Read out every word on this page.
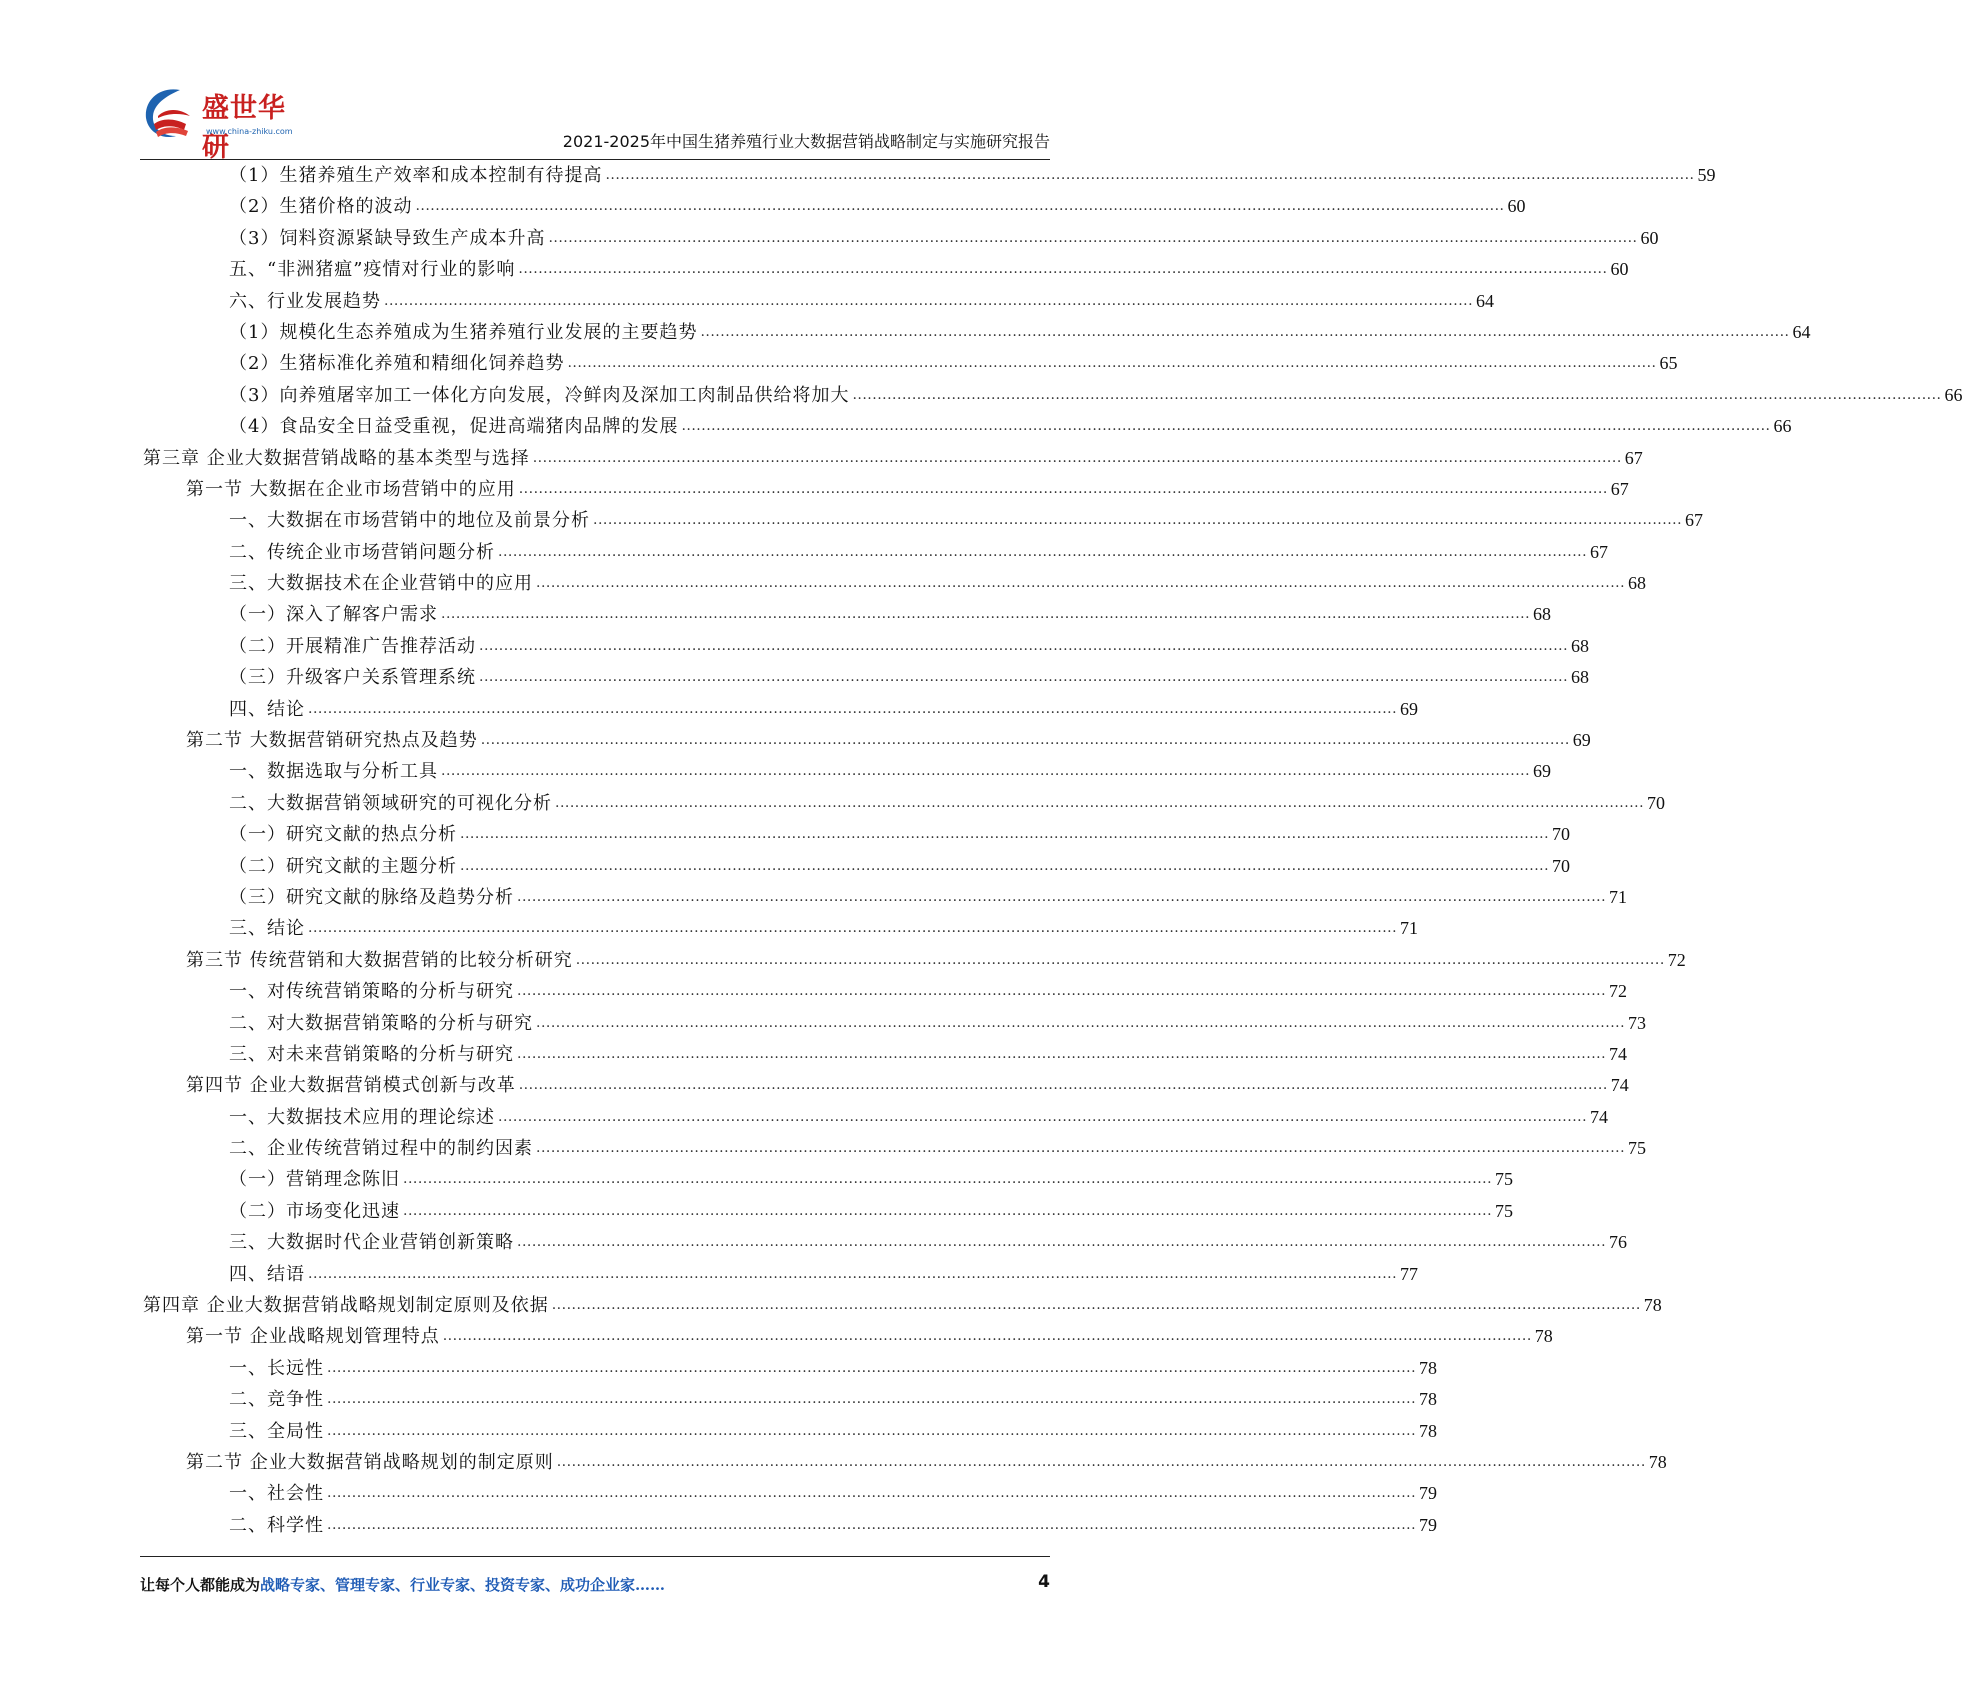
盛世华研
www.china-zhiku.com
2021-2025年中国生猪养殖行业大数据营销战略制定与实施研究报告
（1）生猪养殖生产效率和成本控制有待提高 ............................................................................................................................................................................................................................ 59
（2）生猪价格的波动 ............................................................................................................................................................................................................................ 60
（3）饲料资源紧缺导致生产成本升高 ............................................................................................................................................................................................................................ 60
五、“非洲猪瘟”疫情对行业的影响 ............................................................................................................................................................................................................................ 60
六、行业发展趋势 ............................................................................................................................................................................................................................ 64
（1）规模化生态养殖成为生猪养殖行业发展的主要趋势 ............................................................................................................................................................................................................................ 64
（2）生猪标准化养殖和精细化饲养趋势 ............................................................................................................................................................................................................................ 65
（3）向养殖屠宰加工一体化方向发展，冷鲜肉及深加工肉制品供给将加大 ............................................................................................................................................................................................................................ 66
（4）食品安全日益受重视，促进高端猪肉品牌的发展 ............................................................................................................................................................................................................................ 66
第三章 企业大数据营销战略的基本类型与选择 ............................................................................................................................................................................................................................ 67
第一节 大数据在企业市场营销中的应用 ............................................................................................................................................................................................................................ 67
一、大数据在市场营销中的地位及前景分析 ............................................................................................................................................................................................................................ 67
二、传统企业市场营销问题分析 ............................................................................................................................................................................................................................ 67
三、大数据技术在企业营销中的应用 ............................................................................................................................................................................................................................ 68
（一）深入了解客户需求 ............................................................................................................................................................................................................................ 68
（二）开展精准广告推荐活动 ............................................................................................................................................................................................................................ 68
（三）升级客户关系管理系统 ............................................................................................................................................................................................................................ 68
四、结论 ............................................................................................................................................................................................................................ 69
第二节 大数据营销研究热点及趋势 ............................................................................................................................................................................................................................ 69
一、数据选取与分析工具 ............................................................................................................................................................................................................................ 69
二、大数据营销领域研究的可视化分析 ............................................................................................................................................................................................................................ 70
（一）研究文献的热点分析 ............................................................................................................................................................................................................................ 70
（二）研究文献的主题分析 ............................................................................................................................................................................................................................ 70
（三）研究文献的脉络及趋势分析 ............................................................................................................................................................................................................................ 71
三、结论 ............................................................................................................................................................................................................................ 71
第三节 传统营销和大数据营销的比较分析研究 ............................................................................................................................................................................................................................ 72
一、对传统营销策略的分析与研究 ............................................................................................................................................................................................................................ 72
二、对大数据营销策略的分析与研究 ............................................................................................................................................................................................................................ 73
三、对未来营销策略的分析与研究 ............................................................................................................................................................................................................................ 74
第四节 企业大数据营销模式创新与改革 ............................................................................................................................................................................................................................ 74
一、大数据技术应用的理论综述 ............................................................................................................................................................................................................................ 74
二、企业传统营销过程中的制约因素 ............................................................................................................................................................................................................................ 75
（一）营销理念陈旧 ............................................................................................................................................................................................................................ 75
（二）市场变化迅速 ............................................................................................................................................................................................................................ 75
三、大数据时代企业营销创新策略 ............................................................................................................................................................................................................................ 76
四、结语 ............................................................................................................................................................................................................................ 77
第四章 企业大数据营销战略规划制定原则及依据 ............................................................................................................................................................................................................................ 78
第一节 企业战略规划管理特点 ............................................................................................................................................................................................................................ 78
一、长远性 ............................................................................................................................................................................................................................ 78
二、竞争性 ............................................................................................................................................................................................................................ 78
三、全局性 ............................................................................................................................................................................................................................ 78
第二节 企业大数据营销战略规划的制定原则 ............................................................................................................................................................................................................................ 78
一、社会性 ............................................................................................................................................................................................................................ 79
二、科学性 ............................................................................................................................................................................................................................ 79
让每个人都能成为战略专家、管理专家、行业专家、投资专家、成功企业家……	4
